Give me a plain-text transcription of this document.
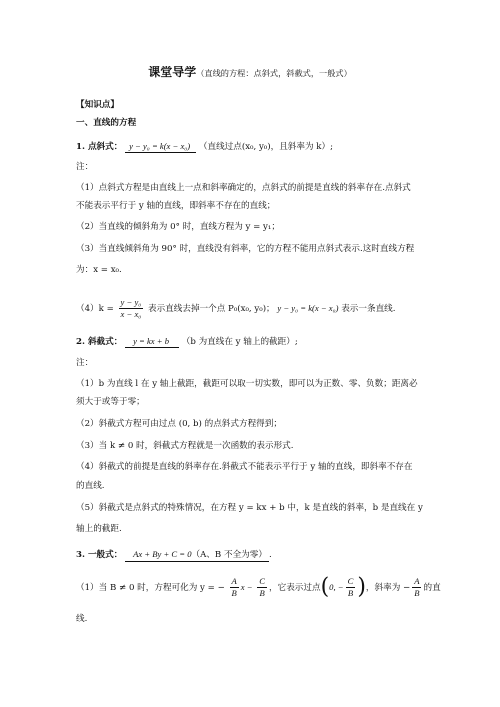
课堂导学（直线的方程：点斜式，斜截式，一般式）
【知识点】
一、直线的方程
1. 点斜式： y − y₀ = k(x − x₀) （直线过点(x₀, y₀)，且斜率为 k）;
注：
（1）点斜式方程是由直线上一点和斜率确定的，点斜式的前提是直线的斜率存在.点斜式
不能表示平行于 y 轴的直线，即斜率不存在的直线；
（2）当直线的倾斜角为 0° 时，直线方程为 y = y₁；
（3）当直线倾斜角为 90° 时，直线没有斜率，它的方程不能用点斜式表示.这时直线方程
为：x = x₀.
$(4)k = \frac{\text{y − y₀}}{\text{x − x₀}}$ 表示直线去掉一个点 P₀(x₀, y₀)； y − y₀ = k(x − x₀) 表示一条直线.
2. 斜截式： y = kx + b （b 为直线在 y 轴上的截距）;
注：
（1）b 为直线 l 在 y 轴上截距，截距可以取一切实数，即可以为正数、零、负数；距离必
须大于或等于零；
（2）斜截式方程可由过点 (0, b) 的点斜式方程得到；
（3）当 k ≠ 0 时，斜截式方程就是一次函数的表示形式.
（4）斜截式的前提是直线的斜率存在.斜截式不能表示平行于 y 轴的直线，即斜率不存在
的直线.
（5）斜截式是点斜式的特殊情况，在方程 y = kx + b 中，k 是直线的斜率，b 是直线在 y
轴上的截距.
3. 一般式： Ax + By + C = 0（A、B 不全为零） .
（1）当 B ≠ 0 时，方程可化为 y = − $\frac{A}{B}$ $x - \frac{C}{B}$ ，它表示过点(0, − $\frac{C}{B}$ )，斜率为 − $\frac{A}{B}$ 的直
线.
